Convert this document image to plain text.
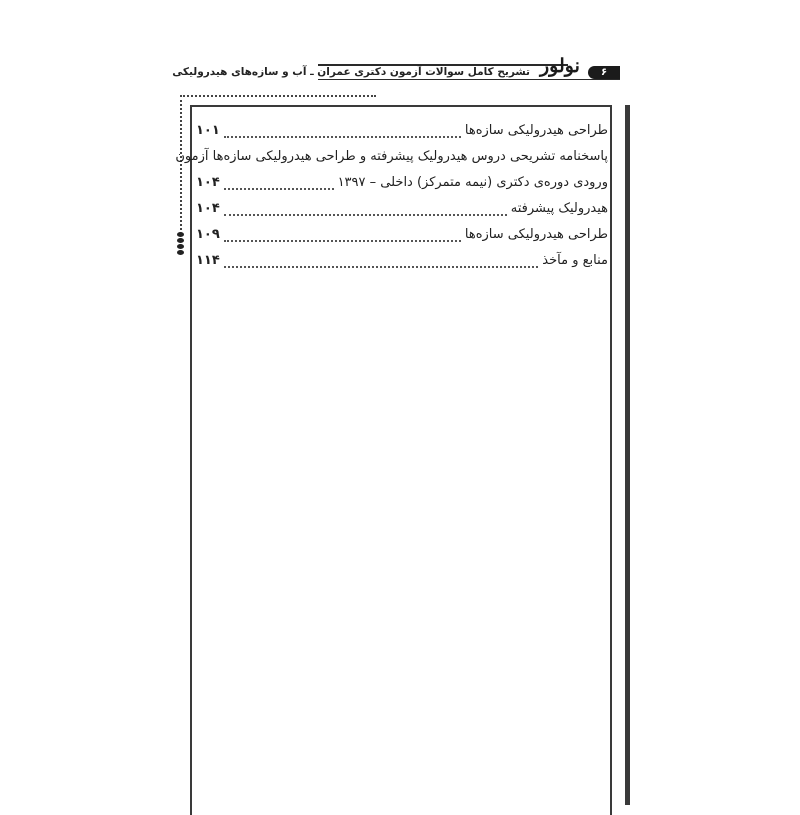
تشریح کامل سوالات آزمون دکتری عمران ـ آب و سازه‌های هیدرولیکی نولور	۶
طراحی هیدرولیکی سازه‌ها
۱۰۱
پاسخنامه تشریحی دروس هیدرولیک پیشرفته و طراحی هیدرولیکی سازه‌ها آزمون
ورودی دوره‌ی دکتری (نیمه متمرکز) داخلی – ۱۳۹۷
۱۰۴
هیدرولیک پیشرفته
۱۰۴
طراحی هیدرولیکی سازه‌ها
۱۰۹
منابع و مآخذ
۱۱۴
